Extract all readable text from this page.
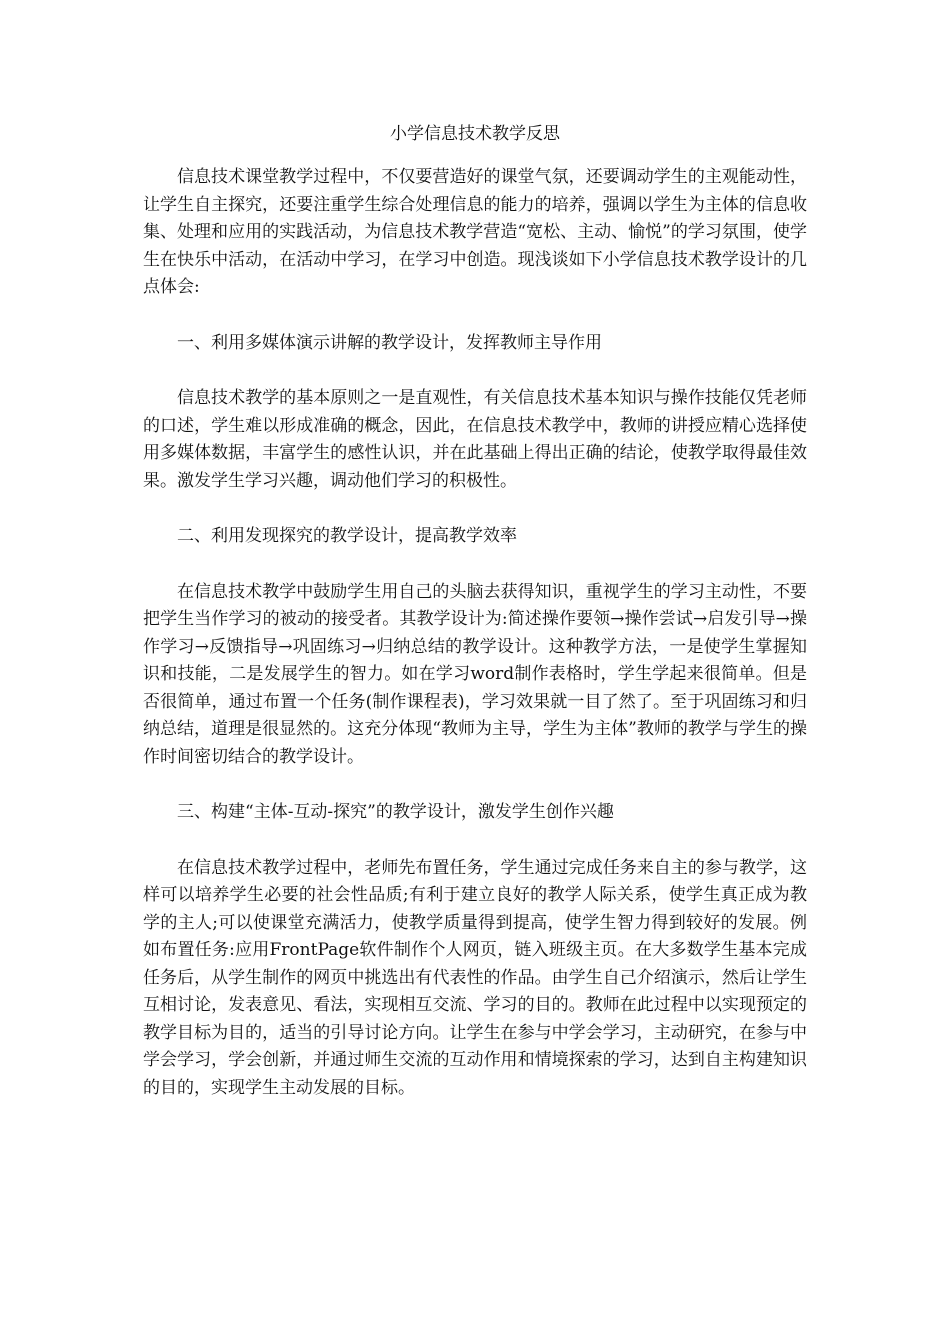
小学信息技术教学反思

信息技术课堂教学过程中，不仅要营造好的课堂气氛，还要调动学生的主观能动性，让学生自主探究，还要注重学生综合处理信息的能力的培养，强调以学生为主体的信息收集、处理和应用的实践活动，为信息技术教学营造“宽松、主动、愉悦”的学习氛围，使学生在快乐中活动，在活动中学习，在学习中创造。现浅谈如下小学信息技术教学设计的几点体会:

一、利用多媒体演示讲解的教学设计，发挥教师主导作用

信息技术教学的基本原则之一是直观性，有关信息技术基本知识与操作技能仅凭老师的口述，学生难以形成准确的概念，因此，在信息技术教学中，教师的讲授应精心选择使用多媒体数据，丰富学生的感性认识，并在此基础上得出正确的结论，使教学取得最佳效果。激发学生学习兴趣，调动他们学习的积极性。

二、利用发现探究的教学设计，提高教学效率

在信息技术教学中鼓励学生用自己的头脑去获得知识，重视学生的学习主动性，不要把学生当作学习的被动的接受者。其教学设计为:简述操作要领→操作尝试→启发引导→操作学习→反馈指导→巩固练习→归纳总结的教学设计。这种教学方法，一是使学生掌握知识和技能，二是发展学生的智力。如在学习word制作表格时，学生学起来很简单。但是否很简单，通过布置一个任务(制作课程表)，学习效果就一目了然了。至于巩固练习和归纳总结，道理是很显然的。这充分体现“教师为主导，学生为主体”教师的教学与学生的操作时间密切结合的教学设计。

三、构建“主体-互动-探究”的教学设计，激发学生创作兴趣

在信息技术教学过程中，老师先布置任务，学生通过完成任务来自主的参与教学，这样可以培养学生必要的社会性品质;有利于建立良好的教学人际关系，使学生真正成为教学的主人;可以使课堂充满活力，使教学质量得到提高，使学生智力得到较好的发展。例如布置任务:应用FrontPage软件制作个人网页，链入班级主页。在大多数学生基本完成任务后，从学生制作的网页中挑选出有代表性的作品。由学生自己介绍演示，然后让学生互相讨论，发表意见、看法，实现相互交流、学习的目的。教师在此过程中以实现预定的教学目标为目的，适当的引导讨论方向。让学生在参与中学会学习，主动研究，在参与中学会学习，学会创新，并通过师生交流的互动作用和情境探索的学习，达到自主构建知识的目的，实现学生主动发展的目标。
